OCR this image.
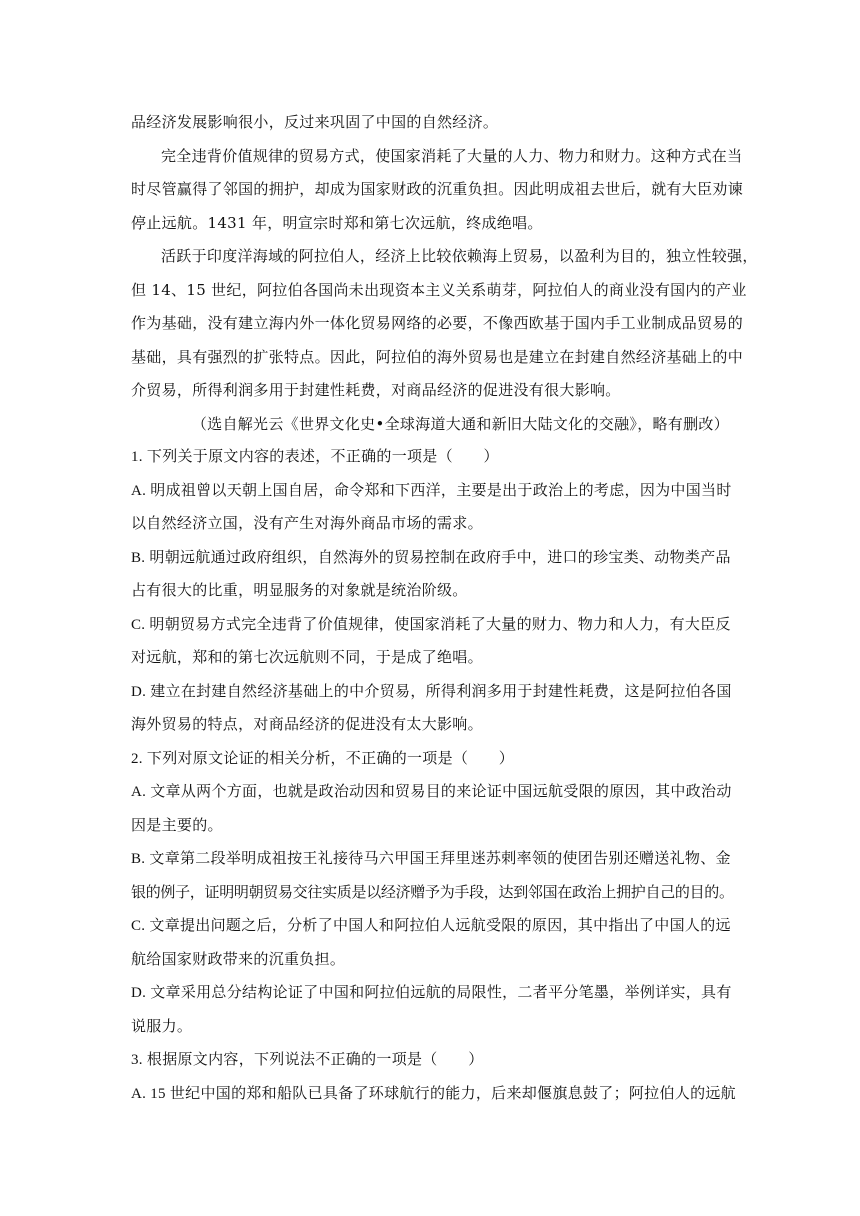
品经济发展影响很小，反过来巩固了中国的自然经济。
完全违背价值规律的贸易方式，使国家消耗了大量的人力、物力和财力。这种方式在当
时尽管赢得了邻国的拥护，却成为国家财政的沉重负担。因此明成祖去世后，就有大臣劝谏
停止远航。1431 年，明宣宗时郑和第七次远航，终成绝唱。
活跃于印度洋海域的阿拉伯人，经济上比较依赖海上贸易，以盈利为目的，独立性较强，
但 14、15 世纪，阿拉伯各国尚未出现资本主义关系萌芽，阿拉伯人的商业没有国内的产业
作为基础，没有建立海内外一体化贸易网络的必要，不像西欧基于国内手工业制成品贸易的
基础，具有强烈的扩张特点。因此，阿拉伯的海外贸易也是建立在封建自然经济基础上的中
介贸易，所得利润多用于封建性耗费，对商品经济的促进没有很大影响。
（选自解光云《世界文化史•全球海道大通和新旧大陆文化的交融》，略有删改）
1. 下列关于原文内容的表述，不正确的一项是（　　）
A. 明成祖曾以天朝上国自居，命令郑和下西洋，主要是出于政治上的考虑，因为中国当时
以自然经济立国，没有产生对海外商品市场的需求。
B. 明朝远航通过政府组织，自然海外的贸易控制在政府手中，进口的珍宝类、动物类产品
占有很大的比重，明显服务的对象就是统治阶级。
C. 明朝贸易方式完全违背了价值规律，使国家消耗了大量的财力、物力和人力，有大臣反
对远航，郑和的第七次远航则不同，于是成了绝唱。
D. 建立在封建自然经济基础上的中介贸易，所得利润多用于封建性耗费，这是阿拉伯各国
海外贸易的特点，对商品经济的促进没有太大影响。
2. 下列对原文论证的相关分析，不正确的一项是（　　）
A. 文章从两个方面，也就是政治动因和贸易目的来论证中国远航受限的原因，其中政治动
因是主要的。
B. 文章第二段举明成祖按王礼接待马六甲国王拜里迷苏剌率领的使团告别还赠送礼物、金
银的例子，证明明朝贸易交往实质是以经济赠予为手段，达到邻国在政治上拥护自己的目的。
C. 文章提出问题之后，分析了中国人和阿拉伯人远航受限的原因，其中指出了中国人的远
航给国家财政带来的沉重负担。
D. 文章采用总分结构论证了中国和阿拉伯远航的局限性，二者平分笔墨，举例详实，具有
说服力。
3. 根据原文内容，下列说法不正确的一项是（　　）
A. 15 世纪中国的郑和船队已具备了环球航行的能力，后来却偃旗息鼓了；阿拉伯人的远航
